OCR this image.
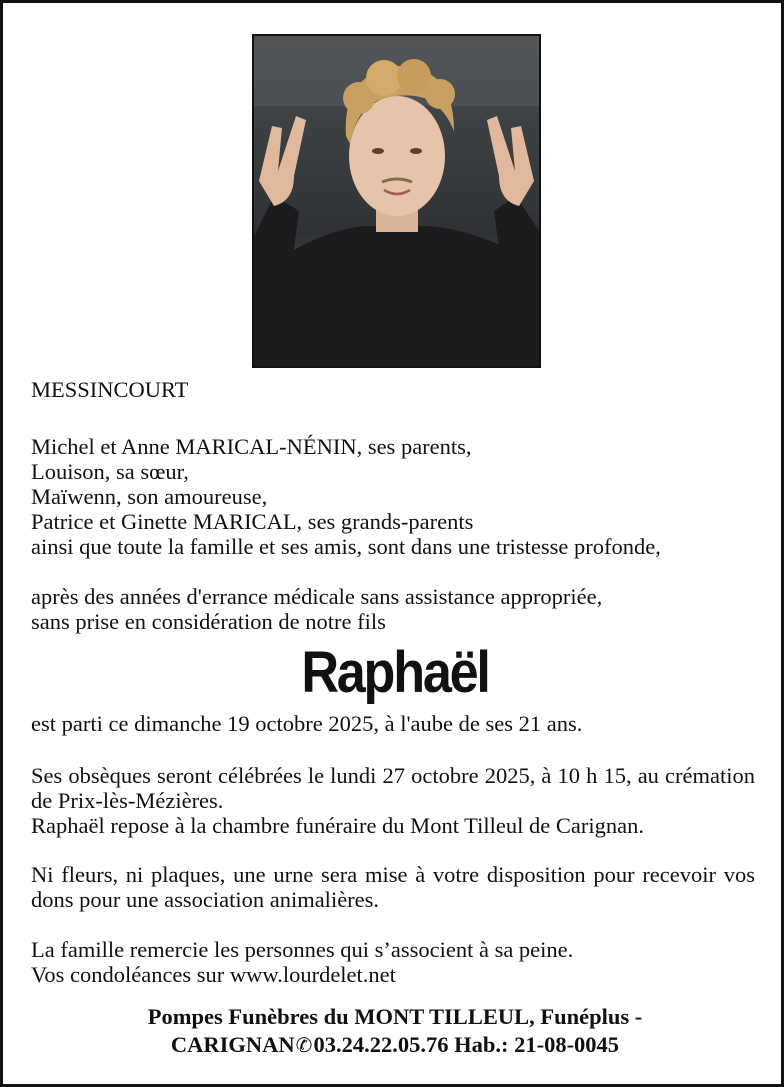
MESSINCOURT
Michel et Anne MARICAL-NÉNIN, ses parents,
Louison, sa sœur,
Maïwenn, son amoureuse,
Patrice et Ginette MARICAL, ses grands-parents
ainsi que toute la famille et ses amis, sont dans une tristesse profonde,
après des années d'errance médicale sans assistance appropriée,
sans prise en considération de notre fils
Raphaël
est parti ce dimanche 19 octobre 2025, à l'aube de ses 21 ans.
Ses obsèques seront célébrées le lundi 27 octobre 2025, à 10 h 15, au crémation de Prix-lès-Mézières.
Raphaël repose à la chambre funéraire du Mont Tilleul de Carignan.
Ni fleurs, ni plaques, une urne sera mise à votre disposition pour recevoir vos dons pour une association animalières.
La famille remercie les personnes qui s’associent à sa peine.
Vos condoléances sur www.lourdelet.net
Pompes Funèbres du MONT TILLEUL, Funéplus -
CARIGNAN✆03.24.22.05.76 Hab.: 21-08-0045
